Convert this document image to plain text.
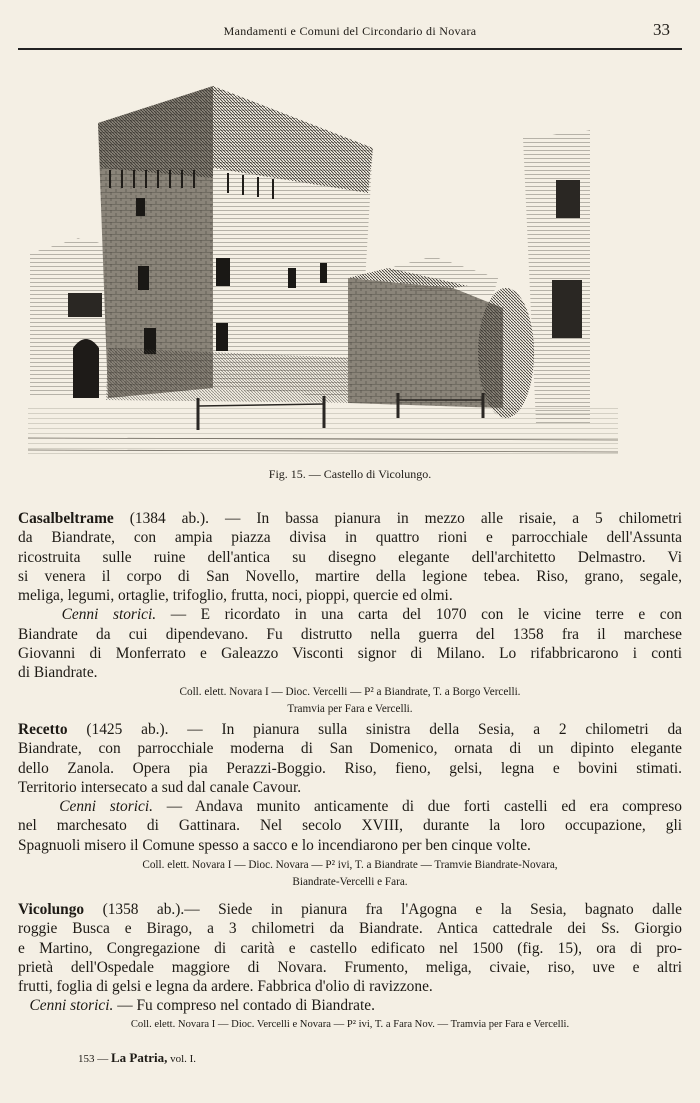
Mandamenti e Comuni del Circondario di Novara	33
Fig. 15. — Castello di Vicolungo.

Casalbeltrame (1384 ab.). — In bassa pianura in mezzo alle risaie, a 5 chilometri

da Biandrate, con ampia piazza divisa in quattro rioni e parrocchiale dell'Assunta

ricostruita sulle ruine dell'antica su disegno elegante dell'architetto Delmastro. Vi

si venera il corpo di San Novello, martire della legione tebea. Riso, grano, segale,

meliga, legumi, ortaglie, trifoglio, frutta, noci, pioppi, quercie ed olmi.

Cenni storici. — E ricordato in una carta del 1070 con le vicine terre e con

Biandrate da cui dipendevano. Fu distrutto nella guerra del 1358 fra il marchese

Giovanni di Monferrato e Galeazzo Visconti signor di Milano. Lo rifabbricarono i conti

di Biandrate.

Coll. elett. Novara I — Dioc. Vercelli — P² a Biandrate, T. a Borgo Vercelli.
Tramvia per Fara e Vercelli.

Recetto (1425 ab.). — In pianura sulla sinistra della Sesia, a 2 chilometri da

Biandrate, con parrocchiale moderna di San Domenico, ornata di un dipinto elegante

dello Zanola. Opera pia Perazzi-Boggio. Riso, fieno, gelsi, legna e bovini stimati.

Territorio intersecato a sud dal canale Cavour.

Cenni storici. — Andava munito anticamente di due forti castelli ed era compreso

nel marchesato di Gattinara. Nel secolo XVIII, durante la loro occupazione, gli

Spagnuoli misero il Comune spesso a sacco e lo incendiarono per ben cinque volte.

Coll. elett. Novara I — Dioc. Novara — P² ivi, T. a Biandrate — Tramvie Biandrate-Novara,
Biandrate-Vercelli e Fara.

Vicolungo (1358 ab.).— Siede in pianura fra l'Agogna e la Sesia, bagnato dalle

roggie Busca e Birago, a 3 chilometri da Biandrate. Antica cattedrale dei Ss. Giorgio

e Martino, Congregazione di carità e castello edificato nel 1500 (fig. 15), ora di pro-

prietà dell'Ospedale maggiore di Novara. Frumento, meliga, civaie, riso, uve e altri

frutti, foglia di gelsi e legna da ardere. Fabbrica d'olio di ravizzone.

Cenni storici. — Fu compreso nel contado di Biandrate.

Coll. elett. Novara I — Dioc. Vercelli e Novara — P² ivi, T. a Fara Nov. — Tramvia per Fara e Vercelli.
153 — La Patria, vol. I.
